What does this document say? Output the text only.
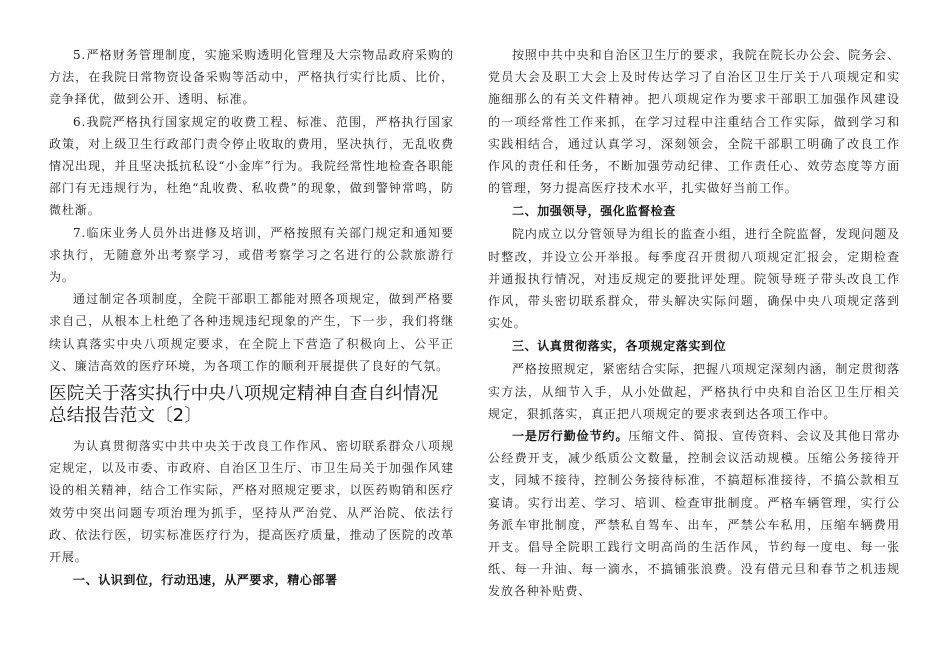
5.严格财务管理制度，实施采购透明化管理及大宗物品政府采购的方法，在我院日常物资设备采购等活动中，严格执行实行比质、比价，竞争择优，做到公开、透明、标准。

6.我院严格执行国家规定的收费工程、标准、范围，严格执行国家政策，对上级卫生行政部门责令停止收取的费用，坚决执行，无乱收费情况出现，并且坚决抵抗私设“小金库”行为。我院经常性地检查各职能部门有无违规行为，杜绝“乱收费、私收费”的现象，做到警钟常鸣，防微杜渐。

7.临床业务人员外出进修及培训，严格按照有关部门规定和通知要求执行，无随意外出考察学习，或借考察学习之名进行的公款旅游行为。

通过制定各项制度，全院干部职工都能对照各项规定，做到严格要求自己，从根本上杜绝了各种违规违纪现象的产生，下一步，我们将继续认真落实中央八项规定要求，在全院上下营造了积极向上、公平正义、廉洁高效的医疗环境，为各项工作的顺利开展提供了良好的气氛。

医院关于落实执行中央八项规定精神自查自纠情况总结报告范文〔2〕

为认真贯彻落实中共中央关于改良工作作风、密切联系群众八项规定规定，以及市委、市政府、自治区卫生厅、市卫生局关于加强作风建设的相关精神，结合工作实际，严格对照规定要求，以医药购销和医疗效劳中突出问题专项治理为抓手，坚持从严治党、从严治院、依法行政、依法行医，切实标准医疗行为，提高医疗质量，推动了医院的改革开展。

一、认识到位，行动迅速，从严要求，精心部署

按照中共中央和自治区卫生厅的要求，我院在院长办公会、院务会、党员大会及职工大会上及时传达学习了自治区卫生厅关于八项规定和实施细那么的有关文件精神。把八项规定作为要求干部职工加强作风建设的一项经常性工作来抓，在学习过程中注重结合工作实际，做到学习和实践相结合，通过认真学习，深刻领会，全院干部职工明确了改良工作作风的责任和任务，不断加强劳动纪律、工作责任心、效劳态度等方面的管理，努力提高医疗技术水平，扎实做好当前工作。

二、加强领导，强化监督检查

院内成立以分管领导为组长的监查小组，进行全院监督，发现问题及时整改，并设立公开举报。每季度召开贯彻八项规定汇报会，定期检查并通报执行情况，对违反规定的要批评处理。院领导班子带头改良工作作风，带头密切联系群众，带头解决实际问题，确保中央八项规定落到实处。

三、认真贯彻落实，各项规定落实到位

严格按照规定，紧密结合实际，把握八项规定深刻内涵，制定贯彻落实方法，从细节入手，从小处做起，严格执行中央和自治区卫生厅相关规定，狠抓落实，真正把八项规定的要求表到达各项工作中。

一是厉行勤俭节约。压缩文件、简报、宣传资料、会议及其他日常办公经费开支，减少纸质公文数量，控制会议活动规模。压缩公务接待开支，同城不接待，控制公务接待标准，不搞超标准接待，不搞公款相互宴请。实行出差、学习、培训、检查审批制度。严格车辆管理，实行公务派车审批制度，严禁私自驾车、出车，严禁公车私用，压缩车辆费用开支。倡导全院职工践行文明高尚的生活作风，节约每一度电、每一张纸、每一升油、每一滴水，不搞铺张浪费。没有借元旦和春节之机违规发放各种补贴费、
